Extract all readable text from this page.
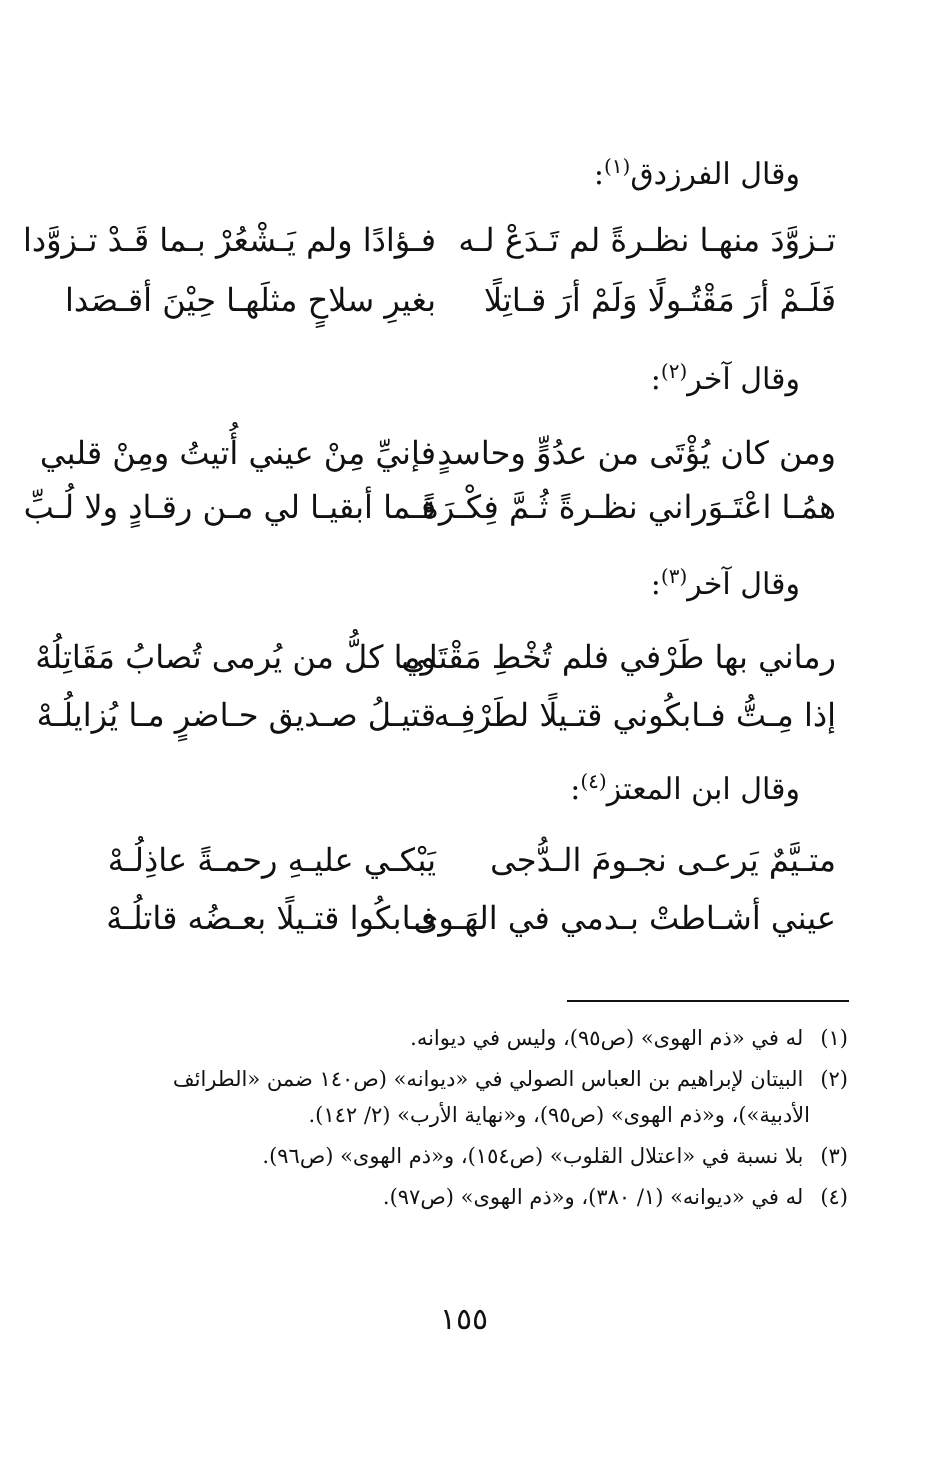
وقال الفرزدق$^{(١)}$:
تـزوَّدَ منهـا نظـرةً لم تَـدَعْ لـه
فـؤادًا ولم يَـشْعُرْ بـما قَـدْ تـزوَّدا
فَلَـمْ أرَ مَقْتُـولًا وَلَمْ أرَ قـاتِلًا
بغيرِ سلاحٍ مثلَهـا حِيْنَ أقـصَدا
وقال آخر$^{(٢)}$:
ومن كان يُؤْتَى من عدُوٍّ وحاسدٍ
فإنيِّ مِنْ عيني أُتيتُ ومِنْ قلبي
همُـا اعْتَـوَراني نظـرةً ثُـمَّ فِكْـرَةً
فـما أبقيـا لي مـن رقـادٍ ولا لُـبِّ
وقال آخر$^{(٣)}$:
رماني بها طَرْفي فلم تُخْطِ مَقْتَلي
وما كلُّ من يُرمى تُصابُ مَقَاتِلُهْ
إذا مِـتُّ فـابكُوني قتـيلًا لطَرْفِـه
قتيـلُ صـديق حـاضرٍ مـا يُزايلُـهْ
وقال ابن المعتز$^{(٤)}$:
متـيَّمٌ يَرعـى نجـومَ الـدُّجى
يَبْكـي عليـهِ رحمـةً عاذِلُـهْ
عيني أشـاطتْ بـدمي في الهَـوى
فـابكُوا قتـيلًا بعـضُه قاتلُـهْ
(١) له في «ذم الهوى» (ص٩٥)، وليس في ديوانه.
(٢) البيتان لإبراهيم بن العباس الصولي في «ديوانه» (ص١٤٠ ضمن «الطرائف
الأدبية»)، و«ذم الهوى» (ص٩٥)، و«نهاية الأرب» (٢/ ١٤٢).
(٣) بلا نسبة في «اعتلال القلوب» (ص١٥٤)، و«ذم الهوى» (ص٩٦).
(٤) له في «ديوانه» (١/ ٣٨٠)، و«ذم الهوى» (ص٩٧).
١٥٥
